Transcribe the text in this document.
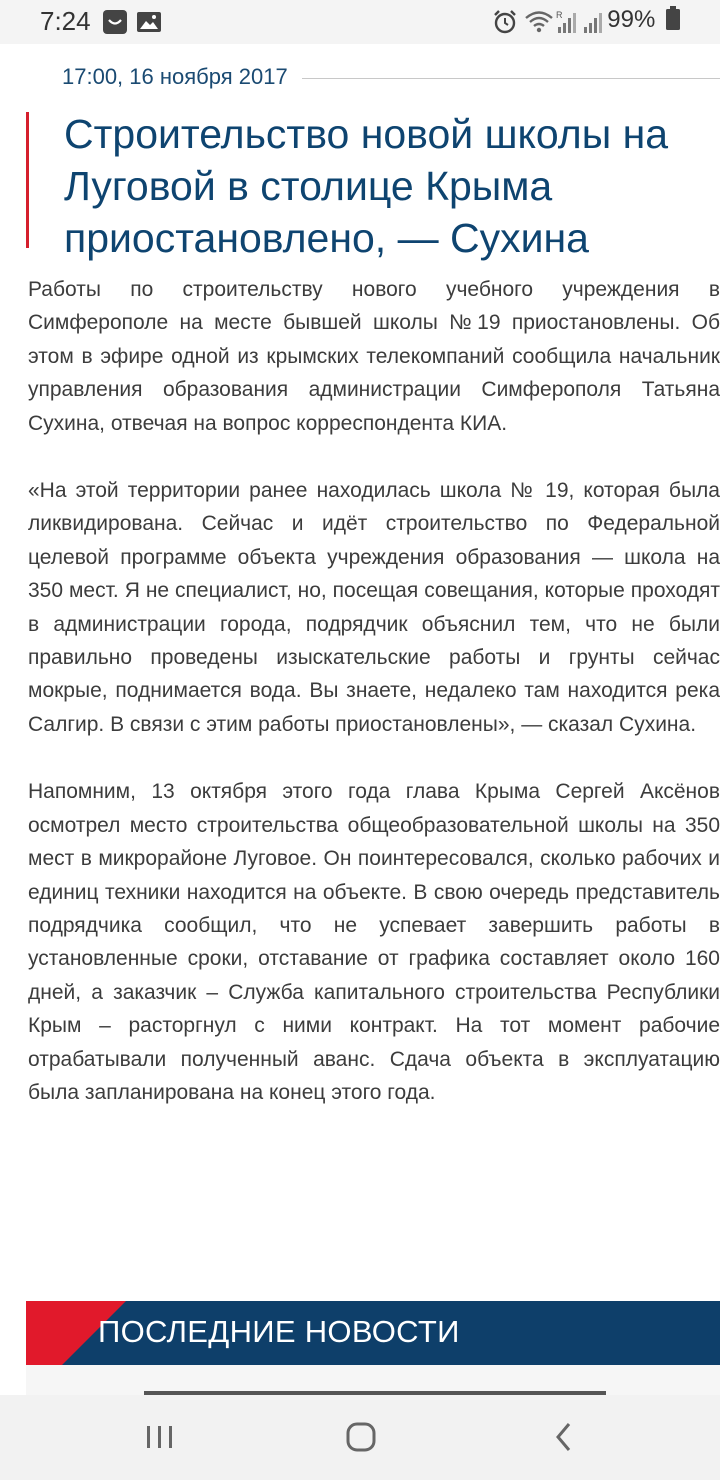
7:24	R 99%
17:00, 16 ноября 2017
Строительство новой школы на Луговой в столице Крыма приостановлено, — Сухина

Работы по строительству нового учебного учреждения в Симферополе на месте бывшей школы №19 приостановлены. Об этом в эфире одной из крымских телекомпаний сообщила начальник управления образования администрации Симферополя Татьяна Сухина, отвечая на вопрос корреспондента КИА.

«На этой территории ранее находилась школа № 19, которая была ликвидирована. Сейчас и идёт строительство по Федеральной целевой программе объекта учреждения образования — школа на 350 мест. Я не специалист, но, посещая совещания, которые проходят в администрации города, подрядчик объяснил тем, что не были правильно проведены изыскательские работы и грунты сейчас мокрые, поднимается вода. Вы знаете, недалеко там находится река Салгир. В связи с этим работы приостановлены», — сказал Сухина.

Напомним, 13 октября этого года глава Крыма Сергей Аксёнов осмотрел место строительства общеобразовательной школы на 350 мест в микрорайоне Луговое. Он поинтересовался, сколько рабочих и единиц техники находится на объекте. В свою очередь представитель подрядчика сообщил, что не успевает завершить работы в установленные сроки, отставание от графика составляет около 160 дней, а заказчик – Служба капитального строительства Республики Крым – расторгнул с ними контракт. На тот момент рабочие отрабатывали полученный аванс. Сдача объекта в эксплуатацию была запланирована на конец этого года.

ПОСЛЕДНИЕ НОВОСТИ
